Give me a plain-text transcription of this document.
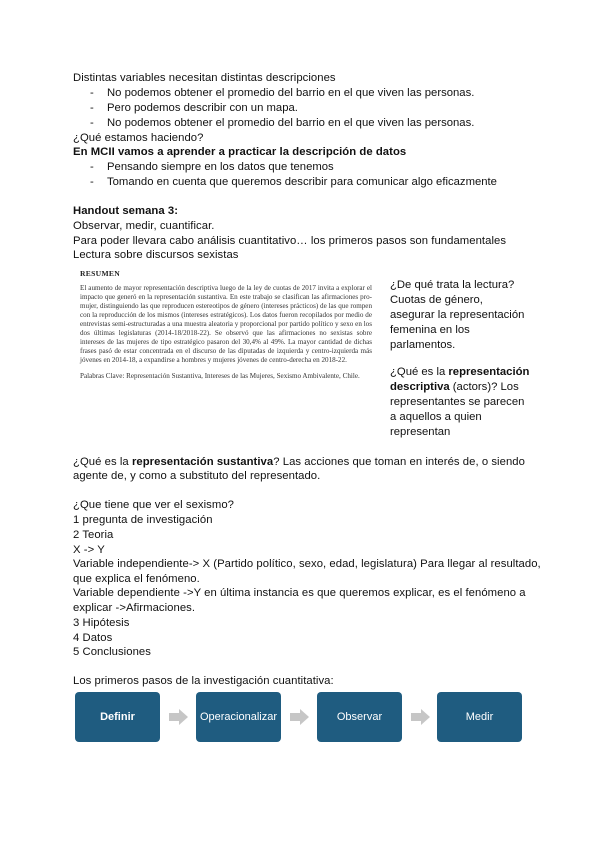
Distintas variables necesitan distintas descripciones
- No podemos obtener el promedio del barrio en el que viven las personas.
- Pero podemos describir con un mapa.
- No podemos obtener el promedio del barrio en el que viven las personas.
¿Qué estamos haciendo?
En MCII vamos a aprender a practicar la descripción de datos
- Pensando siempre en los datos que tenemos
- Tomando en cuenta que queremos describir para comunicar algo eficazmente
Handout semana 3:
Observar, medir, cuantificar.
Para poder llevara cabo análisis cuantitativo… los primeros pasos son fundamentales
Lectura sobre discursos sexistas
RESUMEN
El aumento de mayor representación descriptiva luego de la ley de cuotas de 2017 invita a explorar el impacto que generó en la representación sustantiva. En este trabajo se clasifican las afirmaciones pro-mujer, distinguiendo las que reproducen estereotipos de género (intereses prácticos) de las que rompen con la reproducción de los mismos (intereses estratégicos). Los datos fueron recopilados por medio de entrevistas semi-estructuradas a una muestra aleatoria y proporcional por partido político y sexo en los dos últimas legislaturas (2014-18/2018-22). Se observó que las afirmaciones no sexistas sobre intereses de las mujeres de tipo estratégico pasaron del 30,4% al 49%. La mayor cantidad de dichas frases pasó de estar concentrada en el discurso de las diputadas de izquierda y centro-izquierda más jóvenes en 2014-18, a expandirse a hombres y mujeres jóvenes de centro-derecha en 2018-22.
Palabras Clave: Representación Sustantiva, Intereses de las Mujeres, Sexismo Ambivalente, Chile.
¿De qué trata la lectura?
Cuotas de género,
asegurar la representación
femenina en los
parlamentos.
¿Qué es la representación
descriptiva (actors)? Los
representantes se parecen
a aquellos a quien
representan
¿Qué es la representación sustantiva? Las acciones que toman en interés de, o siendo
agente de, y como a substituto del representado.
¿Que tiene que ver el sexismo?
1 pregunta de investigación
2 Teoria
X -> Y
Variable independiente-> X (Partido político, sexo, edad, legislatura) Para llegar al resultado,
que explica el fenómeno.
Variable dependiente ->Y en última instancia es que queremos explicar, es el fenómeno a
explicar ->Afirmaciones.
3 Hipótesis
4 Datos
5 Conclusiones
Los primeros pasos de la investigación cuantitativa:
Definir	Operacionalizar	Observar	Medir
